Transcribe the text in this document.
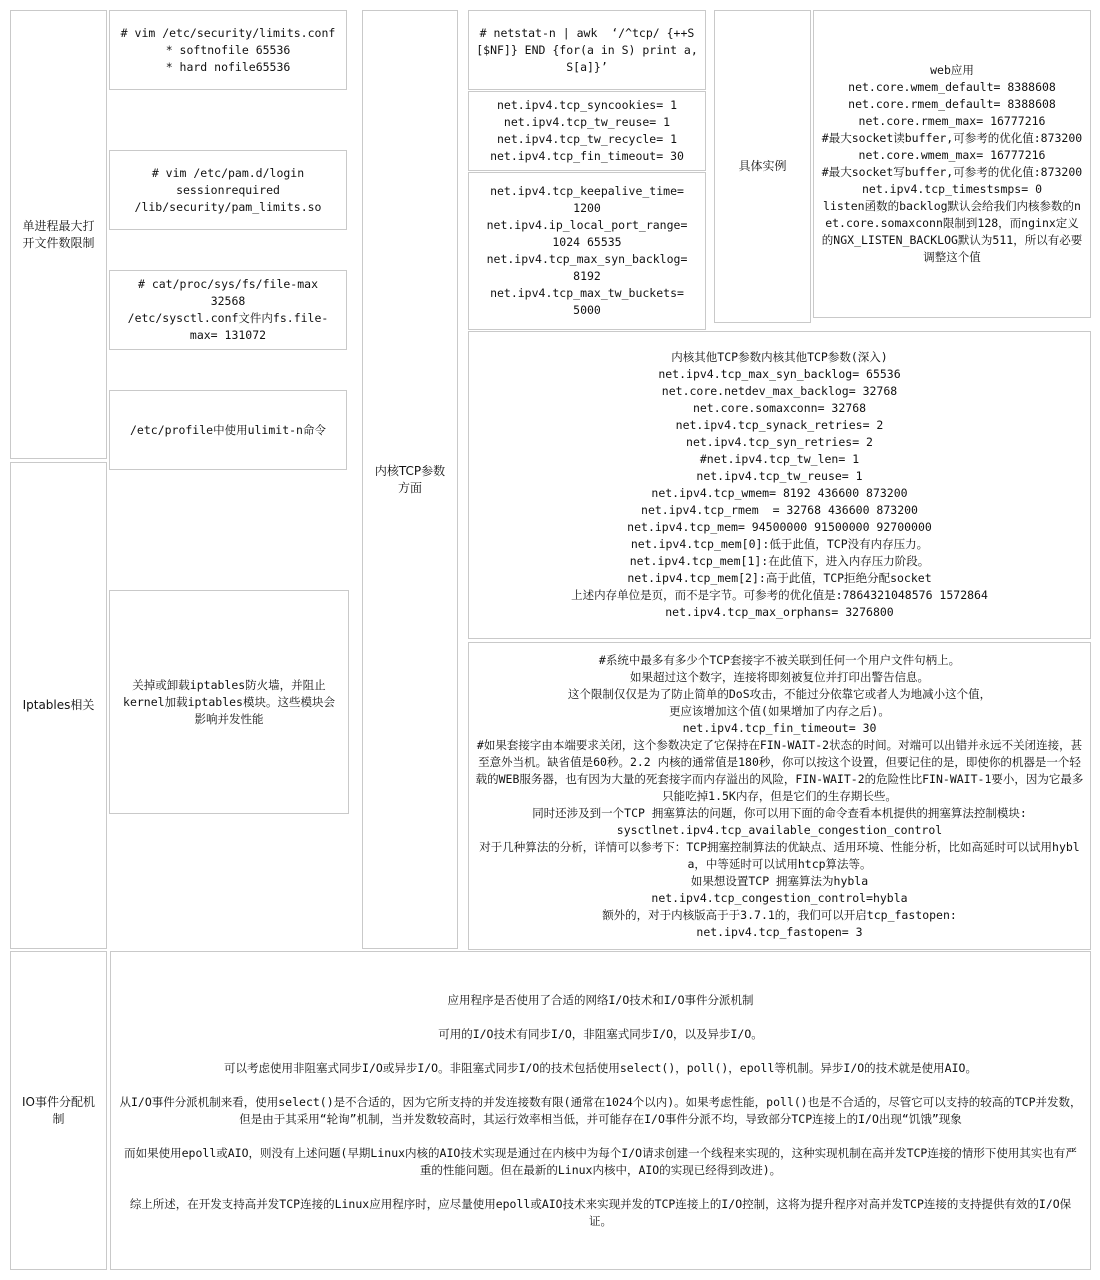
单进程最大打开文件数限制
Iptables相关
IO事件分配机制
# vim /etc/security/limits.conf
* softnofile 65536
* hard nofile65536
# vim /etc/pam.d/login
sessionrequired
/lib/security/pam_limits.so
# cat/proc/sys/fs/file-max
32568
/etc/sysctl.conf文件内fs.file-
max= 131072
/etc/profile中使用ulimit-n命令
关掉或卸载iptables防火墙，并阻止
kernel加载iptables模块。这些模块会
影响并发性能
内核TCP参数方面
# netstat-n | awk  ‘/^tcp/ {++S
[$NF]} END {for(a in S) print a,
S[a]}’
net.ipv4.tcp_syncookies= 1
net.ipv4.tcp_tw_reuse= 1
net.ipv4.tcp_tw_recycle= 1
net.ipv4.tcp_fin_timeout= 30
net.ipv4.tcp_keepalive_time=
1200
net.ipv4.ip_local_port_range=
1024 65535
net.ipv4.tcp_max_syn_backlog=
8192
net.ipv4.tcp_max_tw_buckets=
5000
内核其他TCP参数内核其他TCP参数(深入)
net.ipv4.tcp_max_syn_backlog= 65536
net.core.netdev_max_backlog= 32768
net.core.somaxconn= 32768
net.ipv4.tcp_synack_retries= 2
net.ipv4.tcp_syn_retries= 2
#net.ipv4.tcp_tw_len= 1
net.ipv4.tcp_tw_reuse= 1
net.ipv4.tcp_wmem= 8192 436600 873200
net.ipv4.tcp_rmem  = 32768 436600 873200
net.ipv4.tcp_mem= 94500000 91500000 92700000
net.ipv4.tcp_mem[0]:低于此值，TCP没有内存压力。
net.ipv4.tcp_mem[1]:在此值下，进入内存压力阶段。
net.ipv4.tcp_mem[2]:高于此值，TCP拒绝分配socket
上述内存单位是页，而不是字节。可参考的优化值是:7864321048576 1572864
net.ipv4.tcp_max_orphans= 3276800
#系统中最多有多少个TCP套接字不被关联到任何一个用户文件句柄上。
如果超过这个数字，连接将即刻被复位并打印出警告信息。
这个限制仅仅是为了防止简单的DoS攻击，不能过分依靠它或者人为地减小这个值，
更应该增加这个值(如果增加了内存之后)。
net.ipv4.tcp_fin_timeout= 30
#如果套接字由本端要求关闭，这个参数决定了它保持在FIN-WAIT-2状态的时间。对端可以出错并永远不关闭连接，甚至意外当机。缺省值是60秒。2.2 内核的通常值是180秒，你可以按这个设置，但要记住的是，即使你的机器是一个轻载的WEB服务器，也有因为大量的死套接字而内存溢出的风险，FIN-WAIT-2的危险性比FIN-WAIT-1要小，因为它最多只能吃掉1.5K内存，但是它们的生存期长些。
同时还涉及到一个TCP 拥塞算法的问题，你可以用下面的命令查看本机提供的拥塞算法控制模块:
sysctlnet.ipv4.tcp_available_congestion_control
对于几种算法的分析，详情可以参考下：TCP拥塞控制算法的优缺点、适用环境、性能分析，比如高延时可以试用hybla，中等延时可以试用htcp算法等。
如果想设置TCP 拥塞算法为hybla
net.ipv4.tcp_congestion_control=hybla
额外的，对于内核版高于于3.7.1的，我们可以开启tcp_fastopen:
net.ipv4.tcp_fastopen= 3
具体实例
web应用
net.core.wmem_default= 8388608
net.core.rmem_default= 8388608
net.core.rmem_max= 16777216
#最大socket读buffer,可参考的优化值:873200
net.core.wmem_max= 16777216
#最大socket写buffer,可参考的优化值:873200
net.ipv4.tcp_timestsmps= 0
listen函数的backlog默认会给我们内核参数的net.core.somaxconn限制到128，而nginx定义的NGX_LISTEN_BACKLOG默认为511，所以有必要调整这个值
应用程序是否使用了合适的网络I/O技术和I/O事件分派机制
可用的I/O技术有同步I/O，非阻塞式同步I/O，以及异步I/O。
可以考虑使用非阻塞式同步I/O或异步I/O。非阻塞式同步I/O的技术包括使用select()，poll()，epoll等机制。异步I/O的技术就是使用AIO。
从I/O事件分派机制来看，使用select()是不合适的，因为它所支持的并发连接数有限(通常在1024个以内)。如果考虑性能，poll()也是不合适的，尽管它可以支持的较高的TCP并发数，但是由于其采用“轮询”机制，当并发数较高时，其运行效率相当低，并可能存在I/O事件分派不均，导致部分TCP连接上的I/O出现“饥饿”现象
而如果使用epoll或AIO，则没有上述问题(早期Linux内核的AIO技术实现是通过在内核中为每个I/O请求创建一个线程来实现的，这种实现机制在高并发TCP连接的情形下使用其实也有严重的性能问题。但在最新的Linux内核中，AIO的实现已经得到改进)。
综上所述，在开发支持高并发TCP连接的Linux应用程序时，应尽量使用epoll或AIO技术来实现并发的TCP连接上的I/O控制，这将为提升程序对高并发TCP连接的支持提供有效的I/O保证。
